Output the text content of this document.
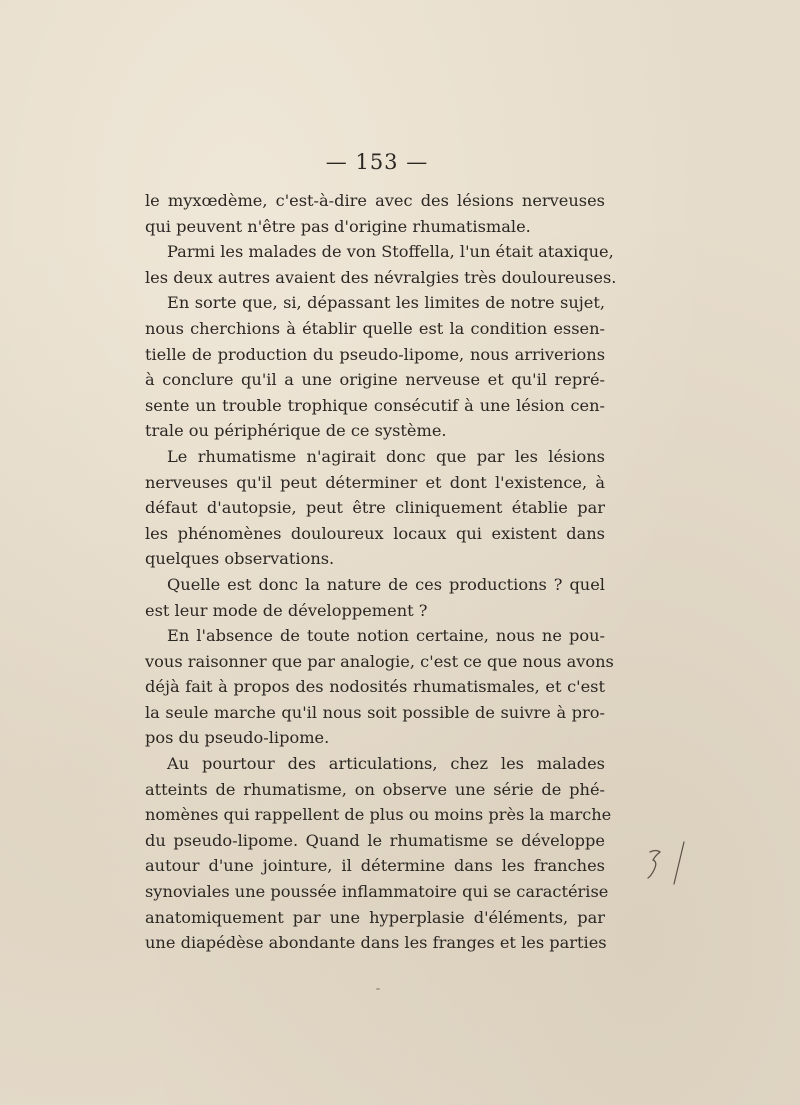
— 153 —
le myxœdème, c'est-à-dire avec des lésions nerveuses
qui peuvent n'être pas d'origine rhumatismale.
Parmi les malades de von Stoffella, l'un était ataxique,
les deux autres avaient des névralgies très douloureuses.
En sorte que, si, dépassant les limites de notre sujet,
nous cherchions à établir quelle est la condition essen-
tielle de production du pseudo-lipome, nous arriverions
à conclure qu'il a une origine nerveuse et qu'il repré-
sente un trouble trophique consécutif à une lésion cen-
trale ou périphérique de ce système.
Le rhumatisme n'agirait donc que par les lésions
nerveuses qu'il peut déterminer et dont l'existence, à
défaut d'autopsie, peut être cliniquement établie par
les phénomènes douloureux locaux qui existent dans
quelques observations.
Quelle est donc la nature de ces productions ? quel
est leur mode de développement ?
En l'absence de toute notion certaine, nous ne pou-
vous raisonner que par analogie, c'est ce que nous avons
déjà fait à propos des nodosités rhumatismales, et c'est
la seule marche qu'il nous soit possible de suivre à pro-
pos du pseudo-lipome.
Au pourtour des articulations, chez les malades
atteints de rhumatisme, on observe une série de phé-
nomènes qui rappellent de plus ou moins près la marche
du pseudo-lipome. Quand le rhumatisme se développe
autour d'une jointure, il détermine dans les franches
synoviales une poussée inflammatoire qui se caractérise
anatomiquement par une hyperplasie d'éléments, par
une diapédèse abondante dans les franges et les parties
